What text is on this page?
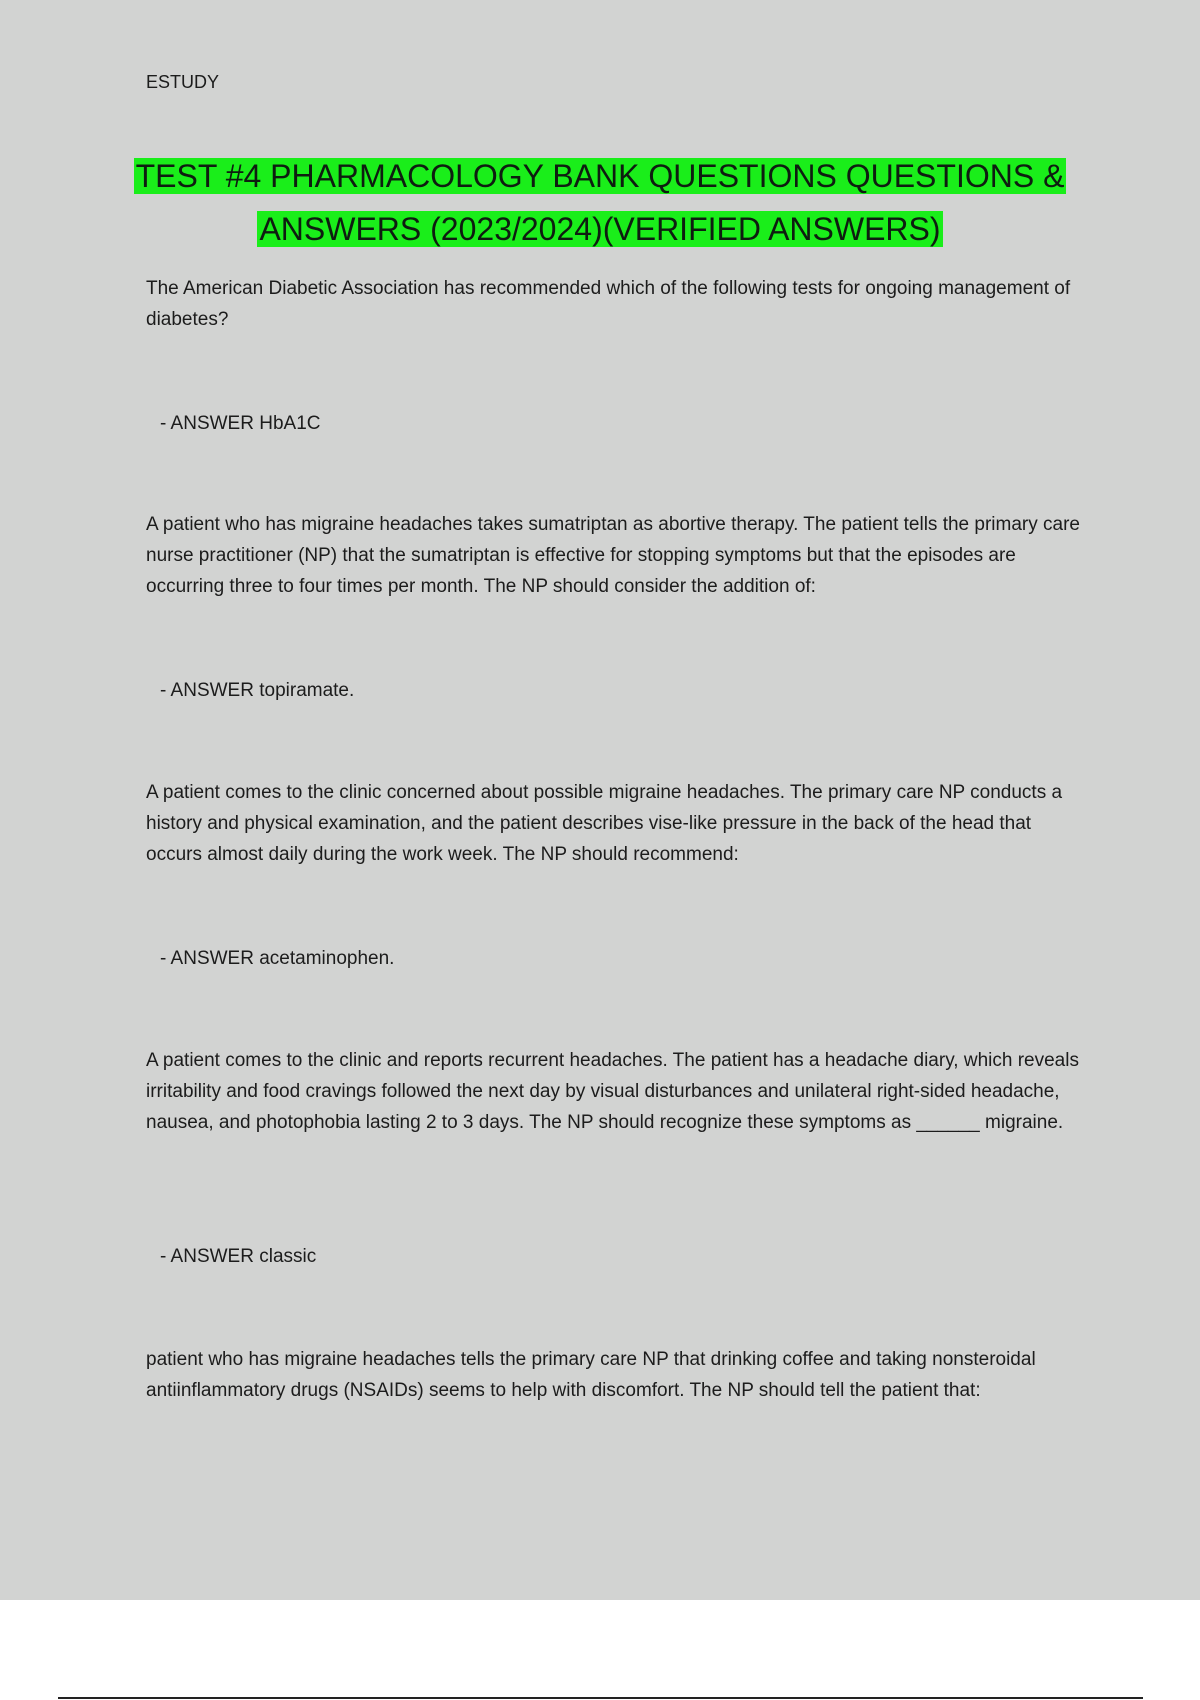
ESTUDY
TEST #4 PHARMACOLOGY BANK QUESTIONS QUESTIONS &
ANSWERS (2023/2024)(VERIFIED ANSWERS)
The American Diabetic Association has recommended which of the following tests for ongoing management of diabetes?
- ANSWER HbA1C
A patient who has migraine headaches takes sumatriptan as abortive therapy. The patient tells the primary care nurse practitioner (NP) that the sumatriptan is effective for stopping symptoms but that the episodes are occurring three to four times per month. The NP should consider the addition of:
- ANSWER topiramate.
A patient comes to the clinic concerned about possible migraine headaches. The primary care NP conducts a history and physical examination, and the patient describes vise-like pressure in the back of the head that occurs almost daily during the work week. The NP should recommend:
- ANSWER acetaminophen.
A patient comes to the clinic and reports recurrent headaches. The patient has a headache diary, which reveals irritability and food cravings followed the next day by visual disturbances and unilateral right-sided headache, nausea, and photophobia lasting 2 to 3 days. The NP should recognize these symptoms as ______ migraine.
- ANSWER classic
patient who has migraine headaches tells the primary care NP that drinking coffee and taking nonsteroidal antiinflammatory drugs (NSAIDs) seems to help with discomfort. The NP should tell the patient that:
